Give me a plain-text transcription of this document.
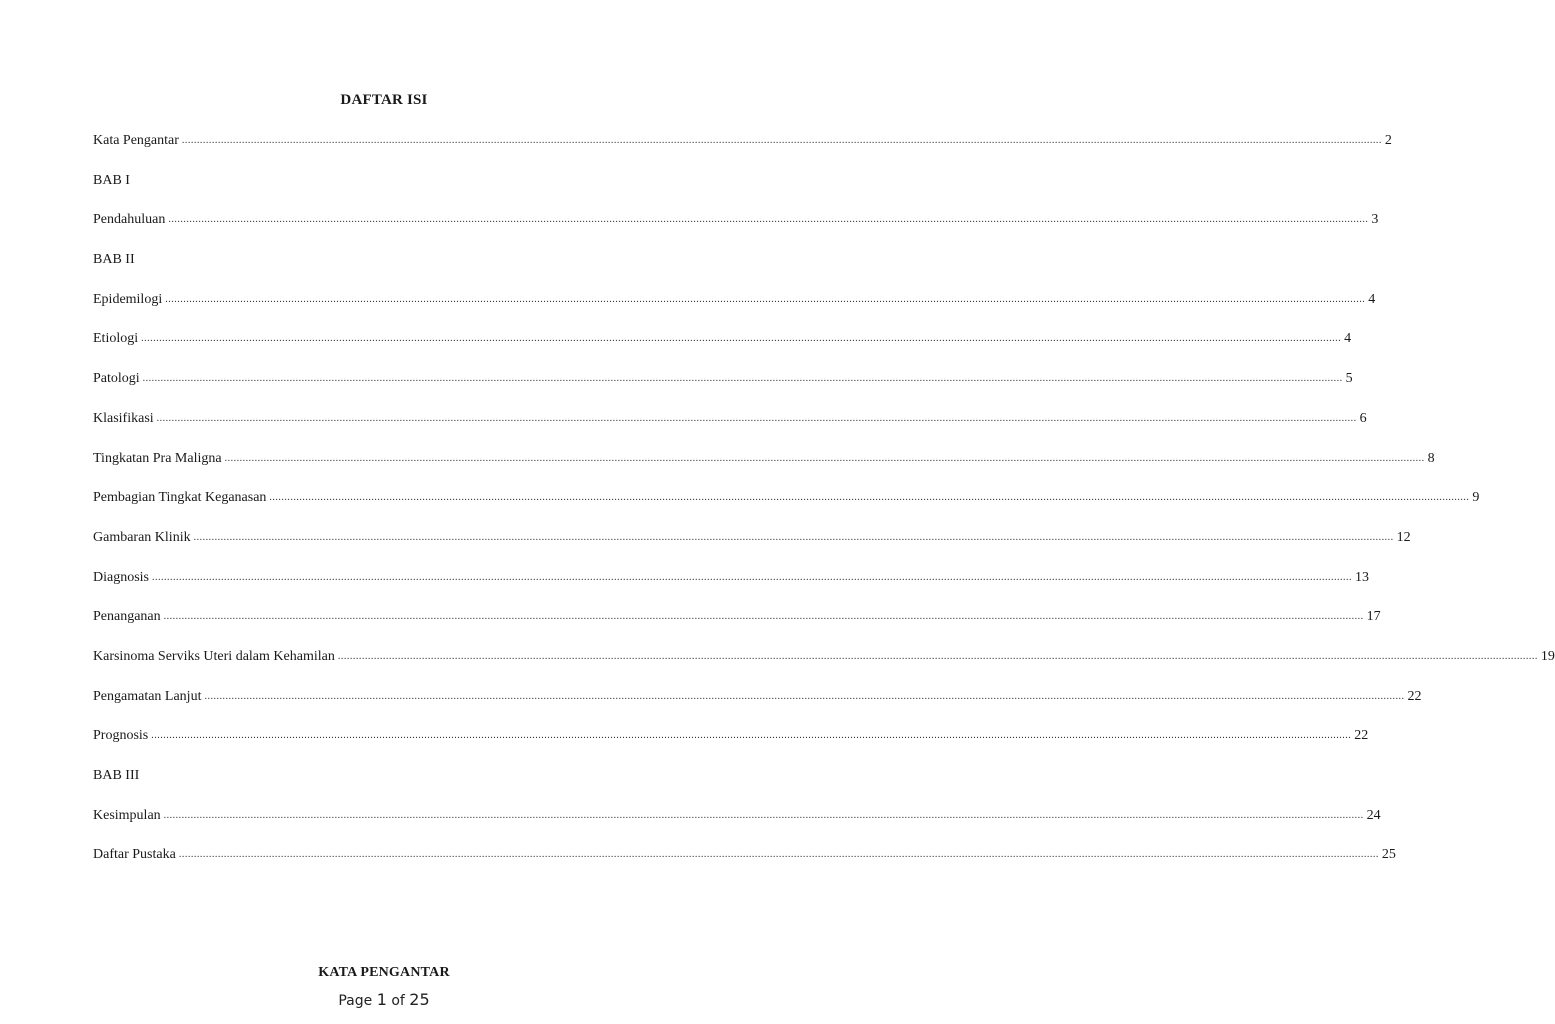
DAFTAR ISI
Kata Pengantar ................................................................................................................................................................................................................................................................................................................................................................................................................ 2
BAB I
Pendahuluan ................................................................................................................................................................................................................................................................................................................................................................................................................ 3
BAB II
Epidemilogi ................................................................................................................................................................................................................................................................................................................................................................................................................ 4
Etiologi ................................................................................................................................................................................................................................................................................................................................................................................................................ 4
Patologi ................................................................................................................................................................................................................................................................................................................................................................................................................ 5
Klasifikasi ................................................................................................................................................................................................................................................................................................................................................................................................................ 6
Tingkatan Pra Maligna ................................................................................................................................................................................................................................................................................................................................................................................................................ 8
Pembagian Tingkat Keganasan ................................................................................................................................................................................................................................................................................................................................................................................................................ 9
Gambaran Klinik ................................................................................................................................................................................................................................................................................................................................................................................................................ 12
Diagnosis ................................................................................................................................................................................................................................................................................................................................................................................................................ 13
Penanganan ................................................................................................................................................................................................................................................................................................................................................................................................................ 17
Karsinoma Serviks Uteri dalam Kehamilan ................................................................................................................................................................................................................................................................................................................................................................................................................ 19
Pengamatan Lanjut ................................................................................................................................................................................................................................................................................................................................................................................................................ 22
Prognosis ................................................................................................................................................................................................................................................................................................................................................................................................................ 22
BAB III
Kesimpulan ................................................................................................................................................................................................................................................................................................................................................................................................................ 24
Daftar Pustaka ................................................................................................................................................................................................................................................................................................................................................................................................................ 25
KATA PENGANTAR
Page 1 of 25
